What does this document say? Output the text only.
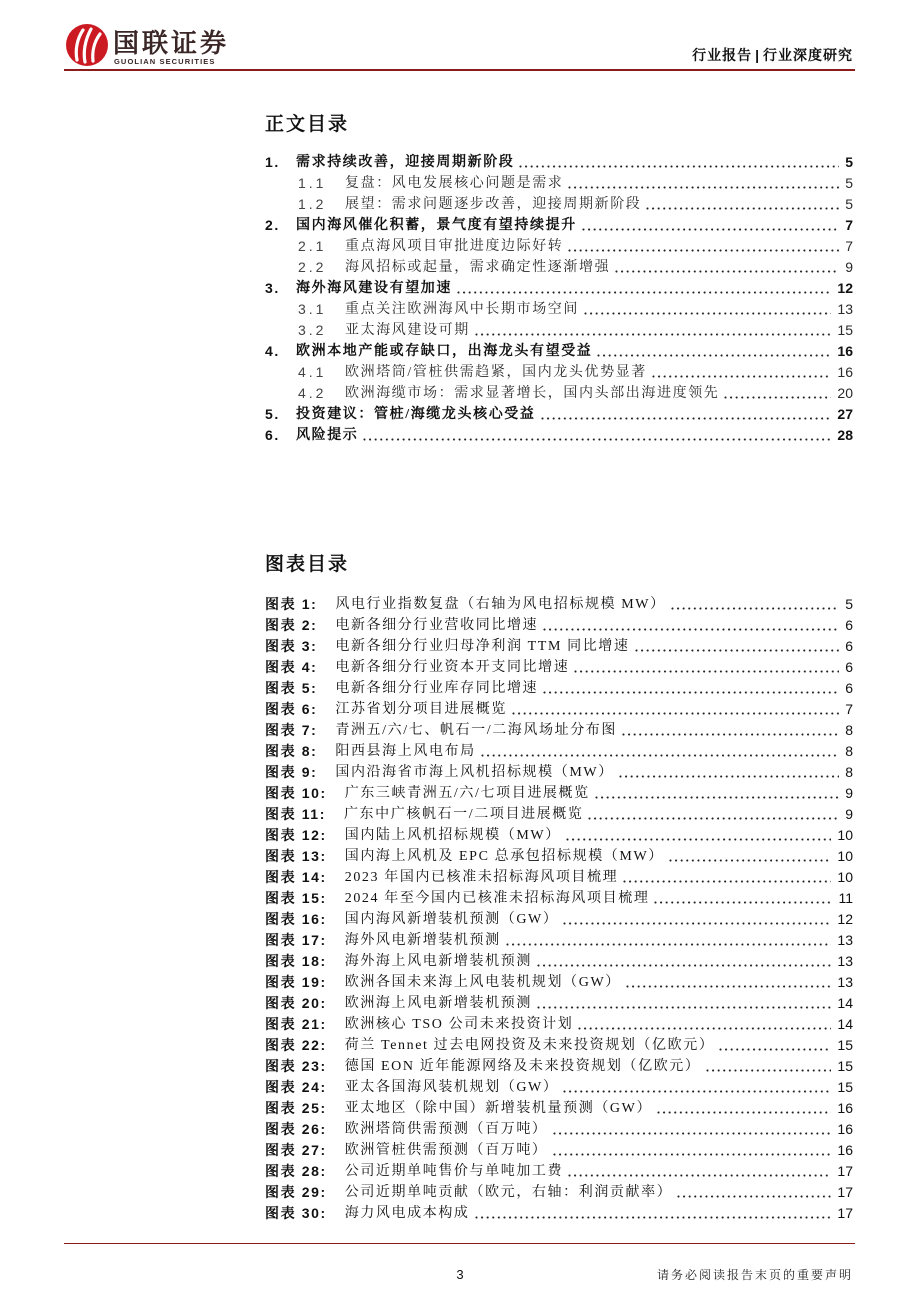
国联证券
GUOLIAN SECURITIES	行业报告 | 行业深度研究
正文目录
1.	需求持续改善，迎接周期新阶段	5
1.1	复盘：风电发展核心问题是需求	5
1.2	展望：需求问题逐步改善，迎接周期新阶段	5
2.	国内海风催化积蓄，景气度有望持续提升	7
2.1	重点海风项目审批进度边际好转	7
2.2	海风招标或起量，需求确定性逐渐增强	9
3.	海外海风建设有望加速	12
3.1	重点关注欧洲海风中长期市场空间	13
3.2	亚太海风建设可期	15
4.	欧洲本地产能或存缺口，出海龙头有望受益	16
4.1	欧洲塔筒/管桩供需趋紧，国内龙头优势显著	16
4.2	欧洲海缆市场：需求显著增长，国内头部出海进度领先	20
5.	投资建议：管桩/海缆龙头核心受益	27
6.	风险提示	28
图表目录
图表 1: 风电行业指数复盘（右轴为风电招标规模 MW）	5
图表 2: 电新各细分行业营收同比增速	6
图表 3: 电新各细分行业归母净利润 TTM 同比增速	6
图表 4: 电新各细分行业资本开支同比增速	6
图表 5: 电新各细分行业库存同比增速	6
图表 6: 江苏省划分项目进展概览	7
图表 7: 青洲五/六/七、帆石一/二海风场址分布图	8
图表 8: 阳西县海上风电布局	8
图表 9: 国内沿海省市海上风机招标规模（MW）	8
图表 10: 广东三峡青洲五/六/七项目进展概览	9
图表 11: 广东中广核帆石一/二项目进展概览	9
图表 12: 国内陆上风机招标规模（MW）	10
图表 13: 国内海上风机及 EPC 总承包招标规模（MW）	10
图表 14: 2023 年国内已核准未招标海风项目梳理	10
图表 15: 2024 年至今国内已核准未招标海风项目梳理	11
图表 16: 国内海风新增装机预测（GW）	12
图表 17: 海外风电新增装机预测	13
图表 18: 海外海上风电新增装机预测	13
图表 19: 欧洲各国未来海上风电装机规划（GW）	13
图表 20: 欧洲海上风电新增装机预测	14
图表 21: 欧洲核心 TSO 公司未来投资计划	14
图表 22: 荷兰 Tennet 过去电网投资及未来投资规划（亿欧元）	15
图表 23: 德国 EON 近年能源网络及未来投资规划（亿欧元）	15
图表 24: 亚太各国海风装机规划（GW）	15
图表 25: 亚太地区（除中国）新增装机量预测（GW）	16
图表 26: 欧洲塔筒供需预测（百万吨）	16
图表 27: 欧洲管桩供需预测（百万吨）	16
图表 28: 公司近期单吨售价与单吨加工费	17
图表 29: 公司近期单吨贡献（欧元，右轴：利润贡献率）	17
图表 30: 海力风电成本构成	17
3	请务必阅读报告末页的重要声明
